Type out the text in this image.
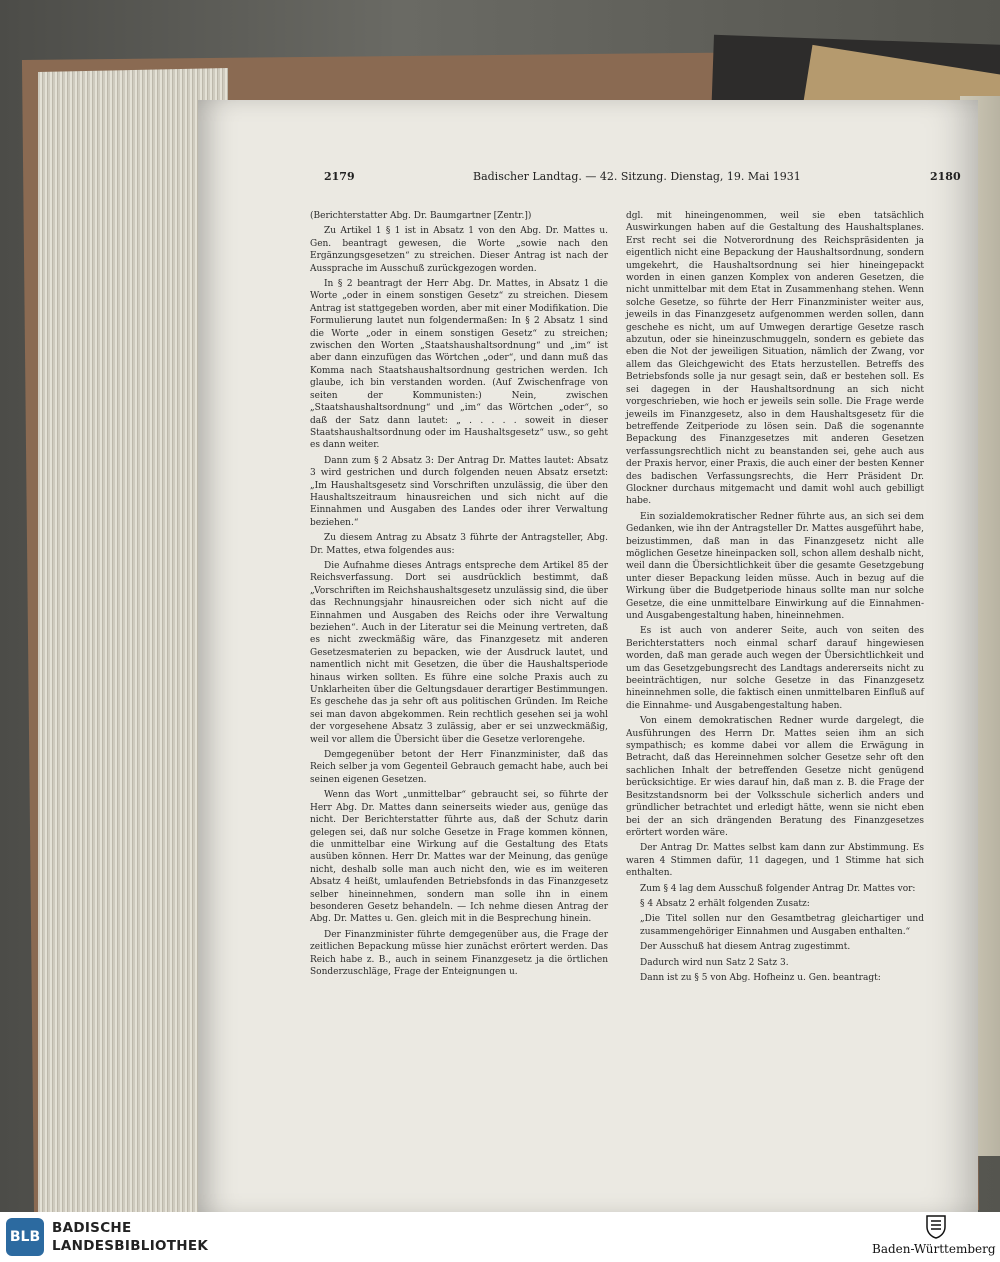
2179	Badischer Landtag. — 42. Sitzung. Dienstag, 19. Mai 1931	2180

(Berichterstatter Abg. Dr. Baumgartner [Zentr.])

Zu Artikel 1 § 1 ist in Absatz 1 von den Abg. Dr. Mattes u. Gen. beantragt gewesen, die Worte „sowie nach den Ergänzungsgesetzen“ zu streichen. Dieser Antrag ist nach der Aussprache im Ausschuß zurückgezogen worden.

In § 2 beantragt der Herr Abg. Dr. Mattes, in Absatz 1 die Worte „oder in einem sonstigen Gesetz“ zu streichen. Diesem Antrag ist stattgegeben worden, aber mit einer Modifikation. Die Formulierung lautet nun folgendermaßen: In § 2 Absatz 1 sind die Worte „oder in einem sonstigen Gesetz“ zu streichen; zwischen den Worten „Staatshaushaltsordnung“ und „im“ ist aber dann einzufügen das Wörtchen „oder“, und dann muß das Komma nach Staatshaushaltsordnung gestrichen werden. Ich glaube, ich bin verstanden worden. (Auf Zwischenfrage von seiten der Kommunisten:) Nein, zwischen „Staatshaushaltsordnung“ und „im“ das Wörtchen „oder“, so daß der Satz dann lautet: „ . . . . . soweit in dieser Staatshaushaltsordnung oder im Haushaltsgesetz“ usw., so geht es dann weiter.

Dann zum § 2 Absatz 3: Der Antrag Dr. Mattes lautet: Absatz 3 wird gestrichen und durch folgenden neuen Absatz ersetzt: „Im Haushaltsgesetz sind Vorschriften unzulässig, die über den Haushaltszeitraum hinausreichen und sich nicht auf die Einnahmen und Ausgaben des Landes oder ihrer Verwaltung beziehen.“

Zu diesem Antrag zu Absatz 3 führte der Antragsteller, Abg. Dr. Mattes, etwa folgendes aus:

Die Aufnahme dieses Antrags entspreche dem Artikel 85 der Reichsverfassung. Dort sei ausdrücklich bestimmt, daß „Vorschriften im Reichshaushaltsgesetz unzulässig sind, die über das Rechnungsjahr hinausreichen oder sich nicht auf die Einnahmen und Ausgaben des Reichs oder ihre Verwaltung beziehen“. Auch in der Literatur sei die Meinung vertreten, daß es nicht zweckmäßig wäre, das Finanzgesetz mit anderen Gesetzesmaterien zu bepacken, wie der Ausdruck lautet, und namentlich nicht mit Gesetzen, die über die Haushaltsperiode hinaus wirken sollten. Es führe eine solche Praxis auch zu Unklarheiten über die Geltungsdauer derartiger Bestimmungen. Es geschehe das ja sehr oft aus politischen Gründen. Im Reiche sei man davon abgekommen. Rein rechtlich gesehen sei ja wohl der vorgesehene Absatz 3 zulässig, aber er sei unzweckmäßig, weil vor allem die Übersicht über die Gesetze verlorengehe.

Demgegenüber betont der Herr Finanzminister, daß das Reich selber ja vom Gegenteil Gebrauch gemacht habe, auch bei seinen eigenen Gesetzen.

Wenn das Wort „unmittelbar“ gebraucht sei, so führte der Herr Abg. Dr. Mattes dann seinerseits wieder aus, genüge das nicht. Der Berichterstatter führte aus, daß der Schutz darin gelegen sei, daß nur solche Gesetze in Frage kommen können, die unmittelbar eine Wirkung auf die Gestaltung des Etats ausüben können. Herr Dr. Mattes war der Meinung, das genüge nicht, deshalb solle man auch nicht den, wie es im weiteren Absatz 4 heißt, umlaufenden Betriebsfonds in das Finanzgesetz selber hineinnehmen, sondern man solle ihn in einem besonderen Gesetz behandeln. — Ich nehme diesen Antrag der Abg. Dr. Mattes u. Gen. gleich mit in die Besprechung hinein.

Der Finanzminister führte demgegenüber aus, die Frage der zeitlichen Bepackung müsse hier zunächst erörtert werden. Das Reich habe z. B., auch in seinem Finanzgesetz ja die örtlichen Sonderzuschläge, Frage der Enteignungen u.

dgl. mit hineingenommen, weil sie eben tatsächlich Auswirkungen haben auf die Gestaltung des Haushaltsplanes. Erst recht sei die Notverordnung des Reichspräsidenten ja eigentlich nicht eine Bepackung der Haushaltsordnung, sondern umgekehrt, die Haushaltsordnung sei hier hineingepackt worden in einen ganzen Komplex von anderen Gesetzen, die nicht unmittelbar mit dem Etat in Zusammenhang stehen. Wenn solche Gesetze, so führte der Herr Finanzminister weiter aus, jeweils in das Finanzgesetz aufgenommen werden sollen, dann geschehe es nicht, um auf Umwegen derartige Gesetze rasch abzutun, oder sie hineinzuschmuggeln, sondern es gebiete das eben die Not der jeweiligen Situation, nämlich der Zwang, vor allem das Gleichgewicht des Etats herzustellen. Betreffs des Betriebsfonds solle ja nur gesagt sein, daß er bestehen soll. Es sei dagegen in der Haushaltsordnung an sich nicht vorgeschrieben, wie hoch er jeweils sein solle. Die Frage werde jeweils im Finanzgesetz, also in dem Haushaltsgesetz für die betreffende Zeitperiode zu lösen sein. Daß die sogenannte Bepackung des Finanzgesetzes mit anderen Gesetzen verfassungsrechtlich nicht zu beanstanden sei, gehe auch aus der Praxis hervor, einer Praxis, die auch einer der besten Kenner des badischen Verfassungsrechts, die Herr Präsident Dr. Glockner durchaus mitgemacht und damit wohl auch gebilligt habe.

Ein sozialdemokratischer Redner führte aus, an sich sei dem Gedanken, wie ihn der Antragsteller Dr. Mattes ausgeführt habe, beizustimmen, daß man in das Finanzgesetz nicht alle möglichen Gesetze hineinpacken soll, schon allem deshalb nicht, weil dann die Übersichtlichkeit über die gesamte Gesetzgebung unter dieser Bepackung leiden müsse. Auch in bezug auf die Wirkung über die Budgetperiode hinaus sollte man nur solche Gesetze, die eine unmittelbare Einwirkung auf die Einnahmen- und Ausgabengestaltung haben, hineinnehmen.

Es ist auch von anderer Seite, auch von seiten des Berichterstatters noch einmal scharf darauf hingewiesen worden, daß man gerade auch wegen der Übersichtlichkeit und um das Gesetzgebungsrecht des Landtags andererseits nicht zu beeinträchtigen, nur solche Gesetze in das Finanzgesetz hineinnehmen solle, die faktisch einen unmittelbaren Einfluß auf die Einnahme- und Ausgabengestaltung haben.

Von einem demokratischen Redner wurde dargelegt, die Ausführungen des Herrn Dr. Mattes seien ihm an sich sympathisch; es komme dabei vor allem die Erwägung in Betracht, daß das Hereinnehmen solcher Gesetze sehr oft den sachlichen Inhalt der betreffenden Gesetze nicht genügend berücksichtige. Er wies darauf hin, daß man z. B. die Frage der Besitzstandsnorm bei der Volksschule sicherlich anders und gründlicher betrachtet und erledigt hätte, wenn sie nicht eben bei der an sich drängenden Beratung des Finanzgesetzes erörtert worden wäre.

Der Antrag Dr. Mattes selbst kam dann zur Abstimmung. Es waren 4 Stimmen dafür, 11 dagegen, und 1 Stimme hat sich enthalten.

Zum § 4 lag dem Ausschuß folgender Antrag Dr. Mattes vor:

§ 4 Absatz 2 erhält folgenden Zusatz:

„Die Titel sollen nur den Gesamtbetrag gleichartiger und zusammengehöriger Einnahmen und Ausgaben enthalten.“

Der Ausschuß hat diesem Antrag zugestimmt.

Dadurch wird nun Satz 2 Satz 3.

Dann ist zu § 5 von Abg. Hofheinz u. Gen. beantragt:

BLB
BADISCHE
LANDESBIBLIOTHEK	Baden-Württemberg
